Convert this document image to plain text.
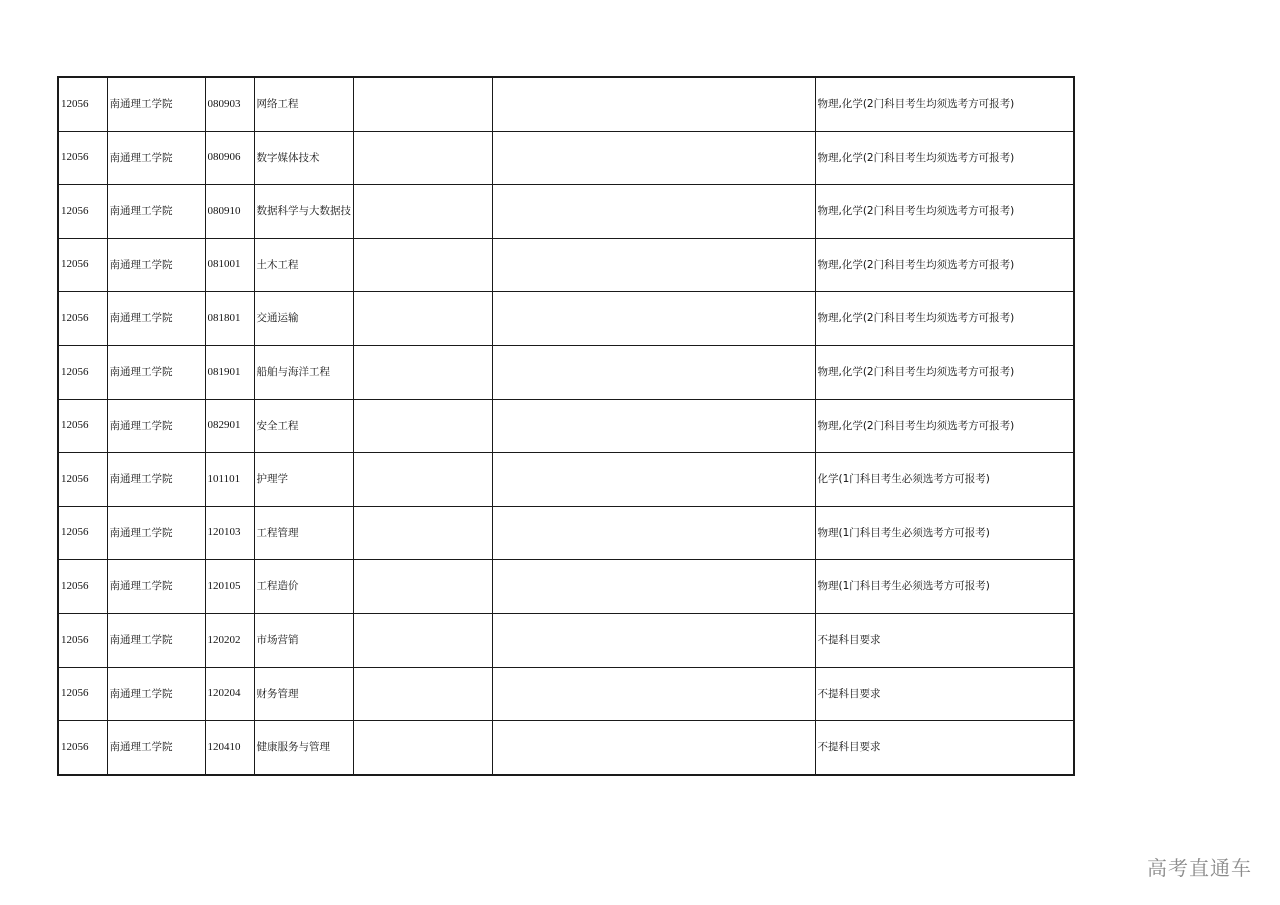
12056	南通理工学院	080903	网络工程			物理,化学(2门科目考生均须选考方可报考)
12056	南通理工学院	080906	数字媒体技术			物理,化学(2门科目考生均须选考方可报考)
12056	南通理工学院	080910	数据科学与大数据技			物理,化学(2门科目考生均须选考方可报考)
12056	南通理工学院	081001	土木工程			物理,化学(2门科目考生均须选考方可报考)
12056	南通理工学院	081801	交通运输			物理,化学(2门科目考生均须选考方可报考)
12056	南通理工学院	081901	船舶与海洋工程			物理,化学(2门科目考生均须选考方可报考)
12056	南通理工学院	082901	安全工程			物理,化学(2门科目考生均须选考方可报考)
12056	南通理工学院	101101	护理学			化学(1门科目考生必须选考方可报考)
12056	南通理工学院	120103	工程管理			物理(1门科目考生必须选考方可报考)
12056	南通理工学院	120105	工程造价			物理(1门科目考生必须选考方可报考)
12056	南通理工学院	120202	市场营销			不提科目要求
12056	南通理工学院	120204	财务管理			不提科目要求
12056	南通理工学院	120410	健康服务与管理			不提科目要求
高考直通车
